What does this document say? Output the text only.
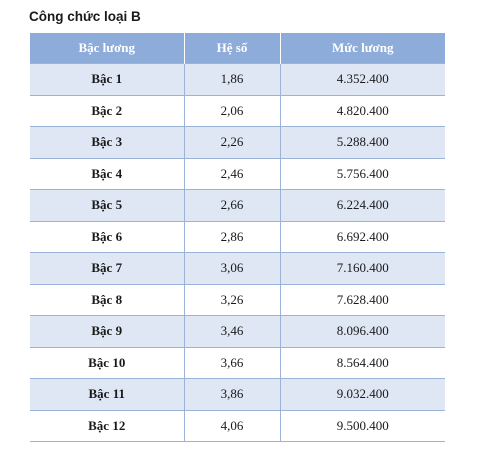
Công chức loại B
Bậc lương	Hệ số	Mức lương
Bậc 1	1,86	4.352.400
Bậc 2	2,06	4.820.400
Bậc 3	2,26	5.288.400
Bậc 4	2,46	5.756.400
Bậc 5	2,66	6.224.400
Bậc 6	2,86	6.692.400
Bậc 7	3,06	7.160.400
Bậc 8	3,26	7.628.400
Bậc 9	3,46	8.096.400
Bậc 10	3,66	8.564.400
Bậc 11	3,86	9.032.400
Bậc 12	4,06	9.500.400
